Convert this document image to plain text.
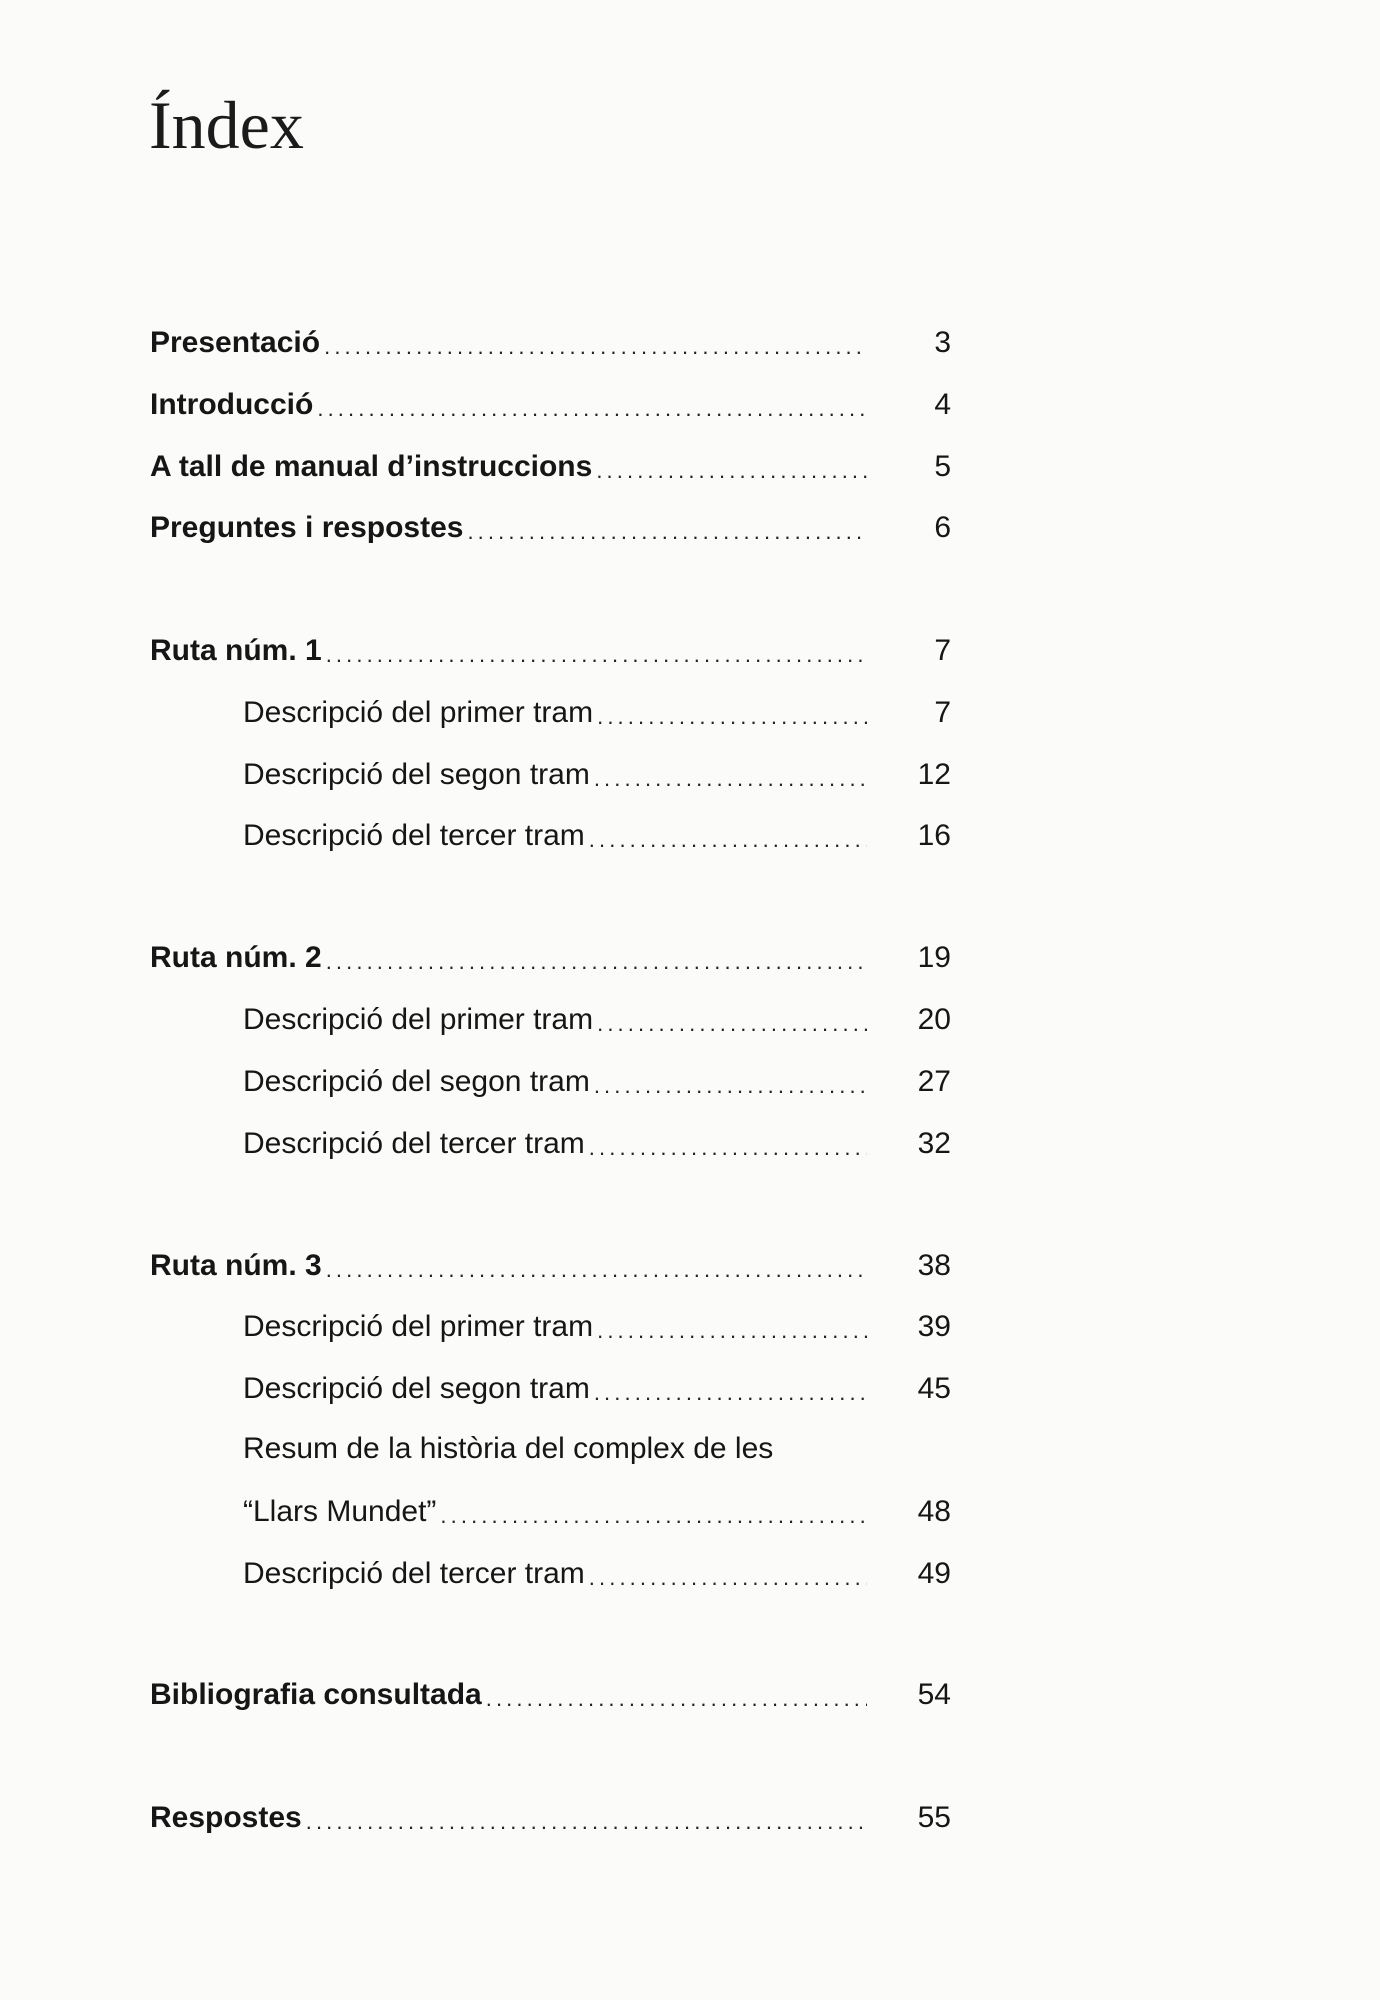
Índex
Presentació . . .	3
Introducció . . .	4
A tall de manual d’instruccions . . .	5
Preguntes i respostes . . .	6
Ruta núm. 1 . . .	7
Descripció del primer tram . . .	7
Descripció del segon tram . . .	12
Descripció del tercer tram . . .	16
Ruta núm. 2 . . .	19
Descripció del primer tram . . .	20
Descripció del segon tram . . .	27
Descripció del tercer tram . . .	32
Ruta núm. 3 . . .	38
Descripció del primer tram . . .	39
Descripció del segon tram . . .	45
Resum de la història del complex de les
“Llars Mundet” . . .	48
Descripció del tercer tram . . .	49
Bibliografia consultada . . .	54
Respostes . . .	55
